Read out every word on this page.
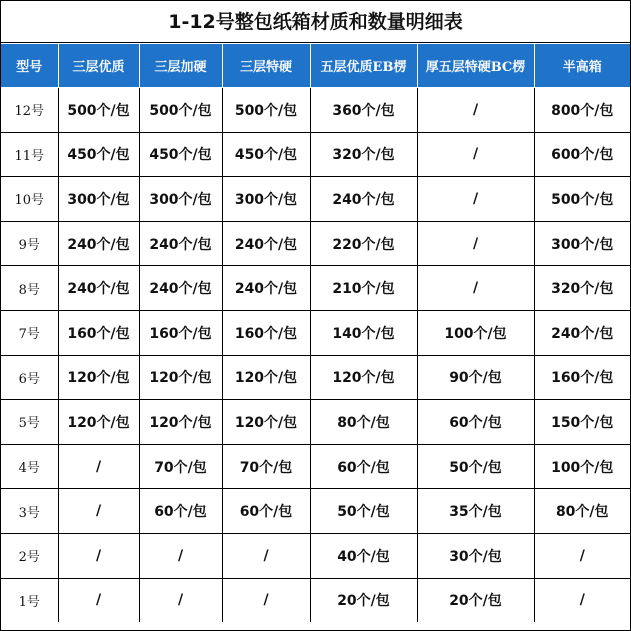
1-12号整包纸箱材质和数量明细表
型号	三层优质	三层加硬	三层特硬	五层优质EB楞	厚五层特硬BC楞	半高箱
12号	500个/包	500个/包	500个/包	360个/包	/	800个/包
11号	450个/包	450个/包	450个/包	320个/包	/	600个/包
10号	300个/包	300个/包	300个/包	240个/包	/	500个/包
9号	240个/包	240个/包	240个/包	220个/包	/	300个/包
8号	240个/包	240个/包	240个/包	210个/包	/	320个/包
7号	160个/包	160个/包	160个/包	140个/包	100个/包	240个/包
6号	120个/包	120个/包	120个/包	120个/包	90个/包	160个/包
5号	120个/包	120个/包	120个/包	80个/包	60个/包	150个/包
4号	/	70个/包	70个/包	60个/包	50个/包	100个/包
3号	/	60个/包	60个/包	50个/包	35个/包	80个/包
2号	/	/	/	40个/包	30个/包	/
1号	/	/	/	20个/包	20个/包	/
